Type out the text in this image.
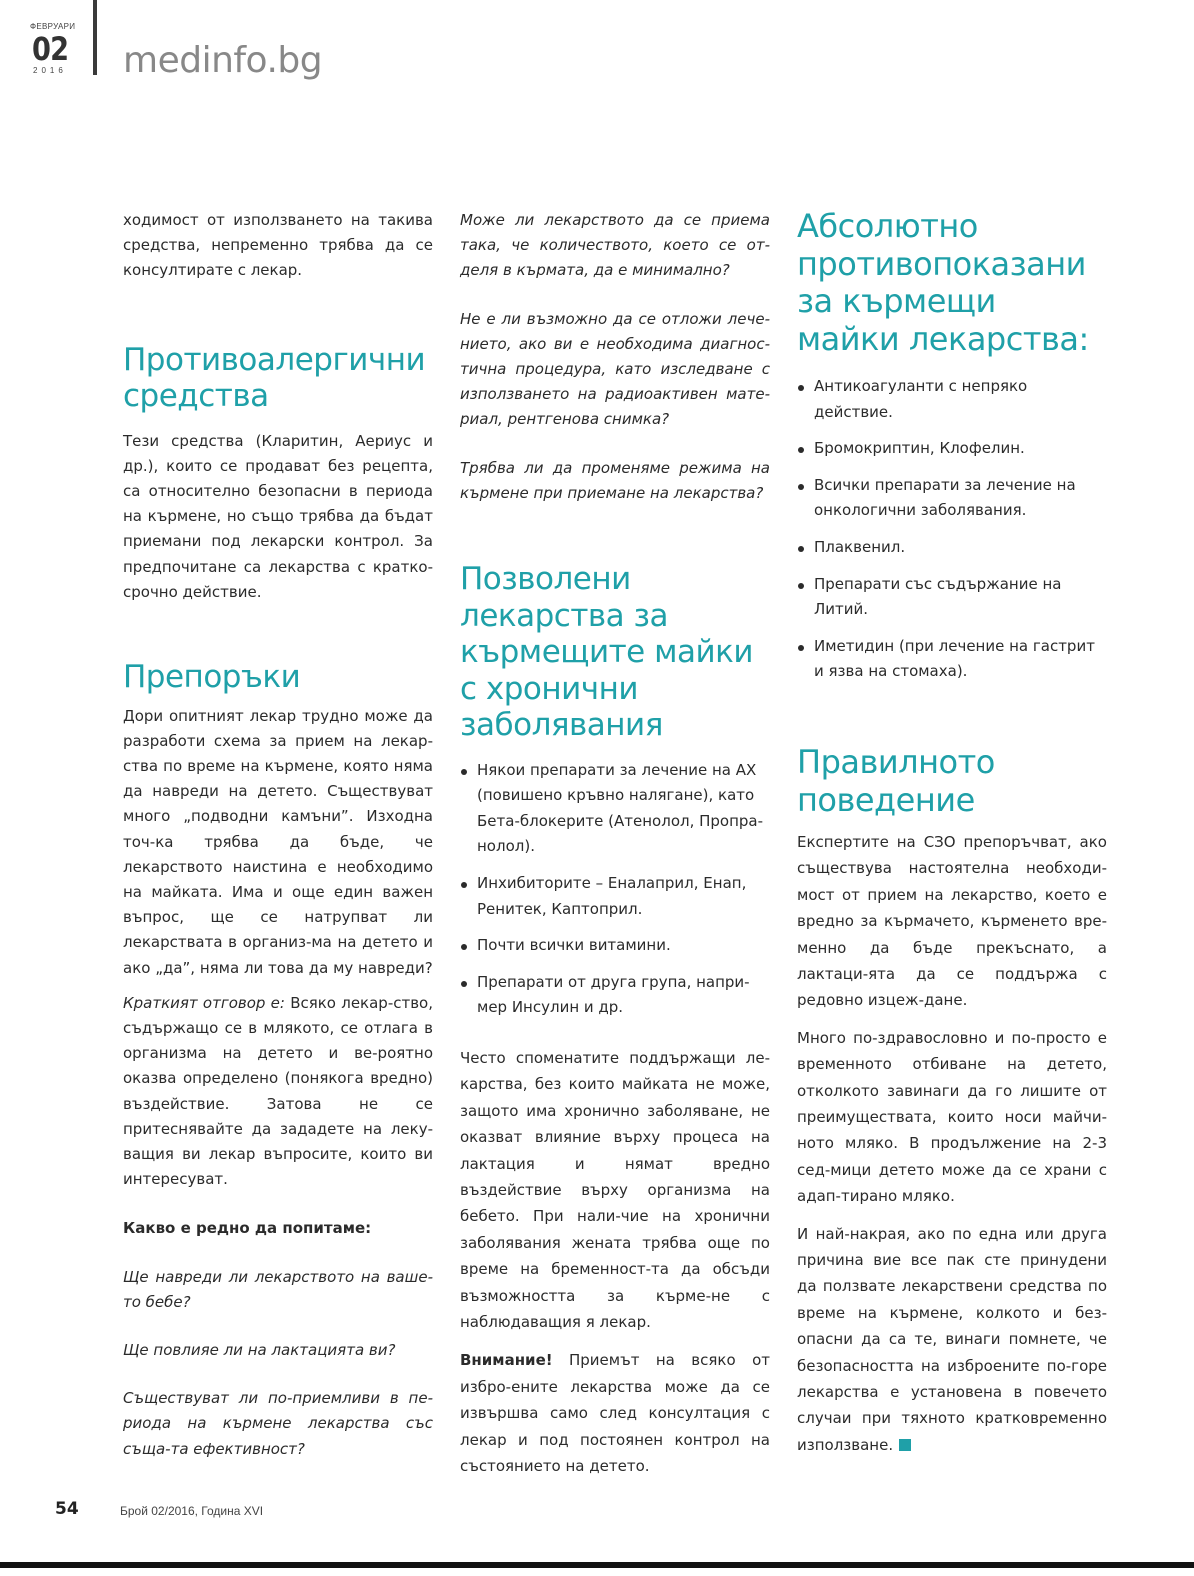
ФЕВРУАРИ
02
2016 medinfo.bg

ходимост от използването на такива средства, непременно трябва да се консултирате с лекар.

Противоалергични средства

Тези средства (Кларитин, Аериус и др.), които се продават без рецепта, са относително безопасни в периода на кърмене, но също трябва да бъдат приемани под лекарски контрол. За предпочитане са лекарства с кратко-срочно действие.

Препоръки

Дори опитният лекар трудно може да разработи схема за прием на лекар-ства по време на кърмене, която няма да навреди на детето. Съществуват много „подводни камъни”. Изходна точ-ка трябва да бъде, че лекарството наистина е необходимо на майката. Има и още един важен въпрос, ще се натрупват ли лекарствата в организ-ма на детето и ако „да”, няма ли това да му навреди?

Краткият отговор е: Всяко лекар-ство, съдържащо се в млякото, се отлага в организма на детето и ве-роятно оказва определено (понякога вредно) въздействие. Затова не се притеснявайте да зададете на леку-ващия ви лекар въпросите, които ви интересуват.

Какво е редно да попитаме:

Ще навреди ли лекарството на ваше-то бебе?

Ще повлияе ли на лактацията ви?

Съществуват ли по-приемливи в пе-риода на кърмене лекарства със съща-та ефективност?

Може ли лекарството да се приема така, че количеството, което се от-деля в кърмата, да е минимално?

Не е ли възможно да се отложи лече-нието, ако ви е необходима диагнос-тична процедура, като изследване с използването на радиоактивен мате-риал, рентгенова снимка?

Трябва ли да променяме режима на кърмене при приемане на лекарства?

Позволени лекарства за кърмещите майки с хронични заболявания
Някои препарати за лечение на АХ (повишено кръвно налягане), като Бета-блокерите (Атенолол, Пропра-нолол).
Инхибиторите – Еналаприл, Енап, Ренитек, Каптоприл.
Почти всички витамини.
Препарати от друга група, напри-мер Инсулин и др.

Често споменатите поддържащи ле-карства, без които майката не може, защото има хронично заболяване, не оказват влияние върху процеса на лактация и нямат вредно въздействие върху организма на бебето. При нали-чие на хронични заболявания жената трябва още по време на бременност-та да обсъди възможността за кърме-не с наблюдаващия я лекар.

Внимание! Приемът на всяко от избро-ените лекарства може да се извършва само след консултация с лекар и под постоянен контрол на състоянието на детето.

Абсолютно противопоказани за кърмещи майки лекарства:
Антикоагуланти с непряко действие.
Бромокриптин, Клофелин.
Всички препарати за лечение на онкологични заболявания.
Плаквенил.
Препарати със съдържание на Литий.
Иметидин (при лечение на гастрит и язва на стомаха).
Правилното поведение

Експертите на СЗО препоръчват, ако съществува настоятелна необходи-мост от прием на лекарство, което е вредно за кърмачето, кърменето вре-менно да бъде прекъснато, а лактаци-ята да се поддържа с редовно изцеж-дане.

Много по-здравословно и по-просто е временното отбиване на детето, отколкото завинаги да го лишите от преимуществата, които носи майчи-ното мляко. В продължение на 2-3 сед-мици детето може да се храни с адап-тирано мляко.

И най-накрая, ако по една или друга причина вие все пак сте принудени да ползвате лекарствени средства по време на кърмене, колкото и без-опасни да са те, винаги помнете, че безопасността на изброените по-горе лекарства е установена в повечето случаи при тяхното кратковременно използване.

54	Брой 02/2016, Година XVI
